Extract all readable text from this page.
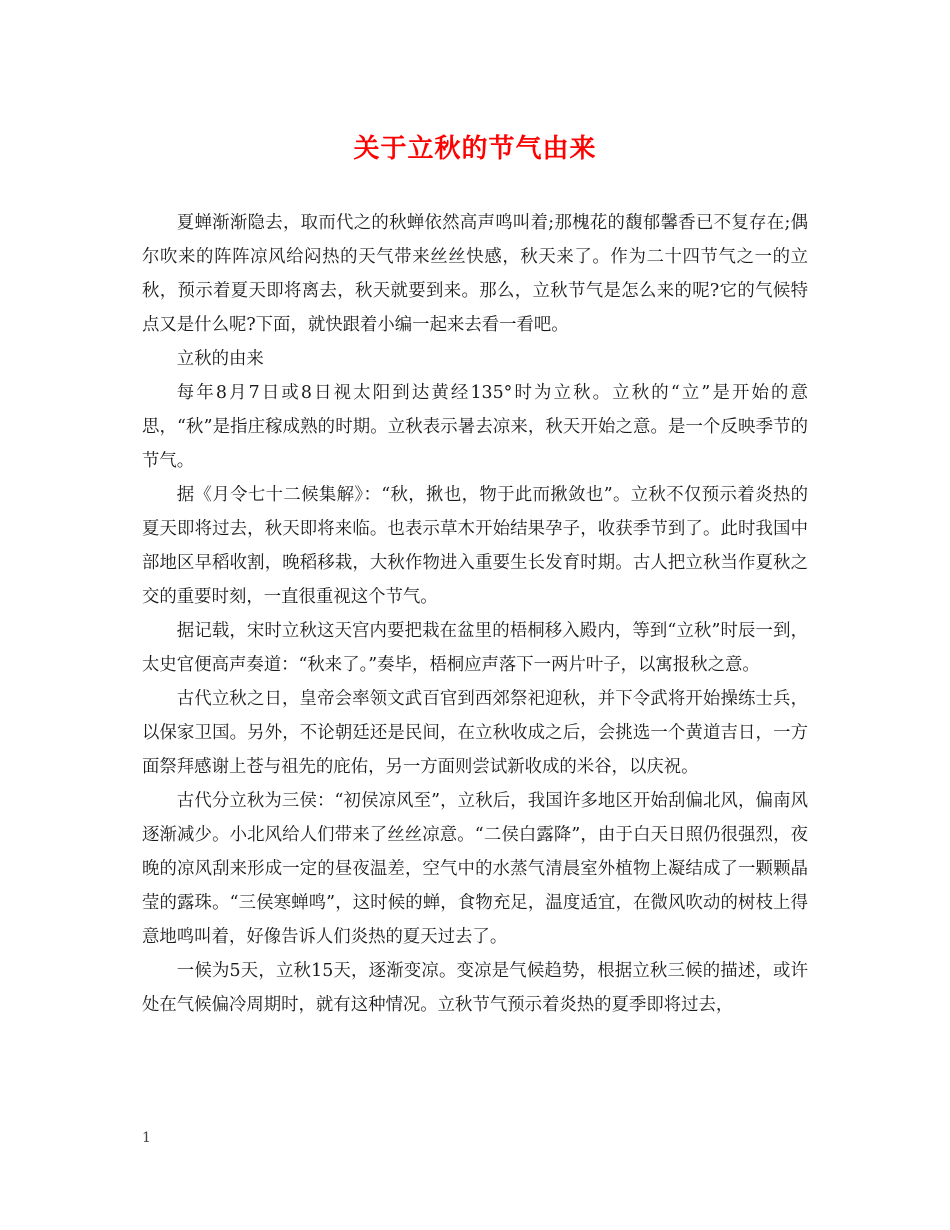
关于立秋的节气由来

夏蝉渐渐隐去，取而代之的秋蝉依然高声鸣叫着;那槐花的馥郁馨香已不复存在;偶尔吹来的阵阵凉风给闷热的天气带来丝丝快感，秋天来了。作为二十四节气之一的立秋，预示着夏天即将离去，秋天就要到来。那么，立秋节气是怎么来的呢?它的气候特点又是什么呢?下面，就快跟着小编一起来去看一看吧。

立秋的由来

每年8月7日或8日视太阳到达黄经135°时为立秋。立秋的“立”是开始的意思，“秋”是指庄稼成熟的时期。立秋表示暑去凉来，秋天开始之意。是一个反映季节的节气。

据《月令七十二候集解》：“秋，揪也，物于此而揪敛也”。立秋不仅预示着炎热的夏天即将过去，秋天即将来临。也表示草木开始结果孕子，收获季节到了。此时我国中部地区早稻收割，晚稻移栽，大秋作物进入重要生长发育时期。古人把立秋当作夏秋之交的重要时刻，一直很重视这个节气。

据记载，宋时立秋这天宫内要把栽在盆里的梧桐移入殿内，等到“立秋”时辰一到，太史官便高声奏道：“秋来了。”奏毕，梧桐应声落下一两片叶子，以寓报秋之意。

古代立秋之日，皇帝会率领文武百官到西郊祭祀迎秋，并下令武将开始操练士兵，以保家卫国。另外，不论朝廷还是民间，在立秋收成之后，会挑选一个黄道吉日，一方面祭拜感谢上苍与祖先的庇佑，另一方面则尝试新收成的米谷，以庆祝。

古代分立秋为三侯：“初侯凉风至”，立秋后，我国许多地区开始刮偏北风，偏南风逐渐减少。小北风给人们带来了丝丝凉意。“二侯白露降”，由于白天日照仍很强烈，夜晚的凉风刮来形成一定的昼夜温差，空气中的水蒸气清晨室外植物上凝结成了一颗颗晶莹的露珠。“三侯寒蝉鸣”，这时候的蝉，食物充足，温度适宜，在微风吹动的树枝上得意地鸣叫着，好像告诉人们炎热的夏天过去了。

一候为5天，立秋15天，逐渐变凉。变凉是气候趋势，根据立秋三候的描述，或许处在气候偏冷周期时，就有这种情况。立秋节气预示着炎热的夏季即将过去，

1
